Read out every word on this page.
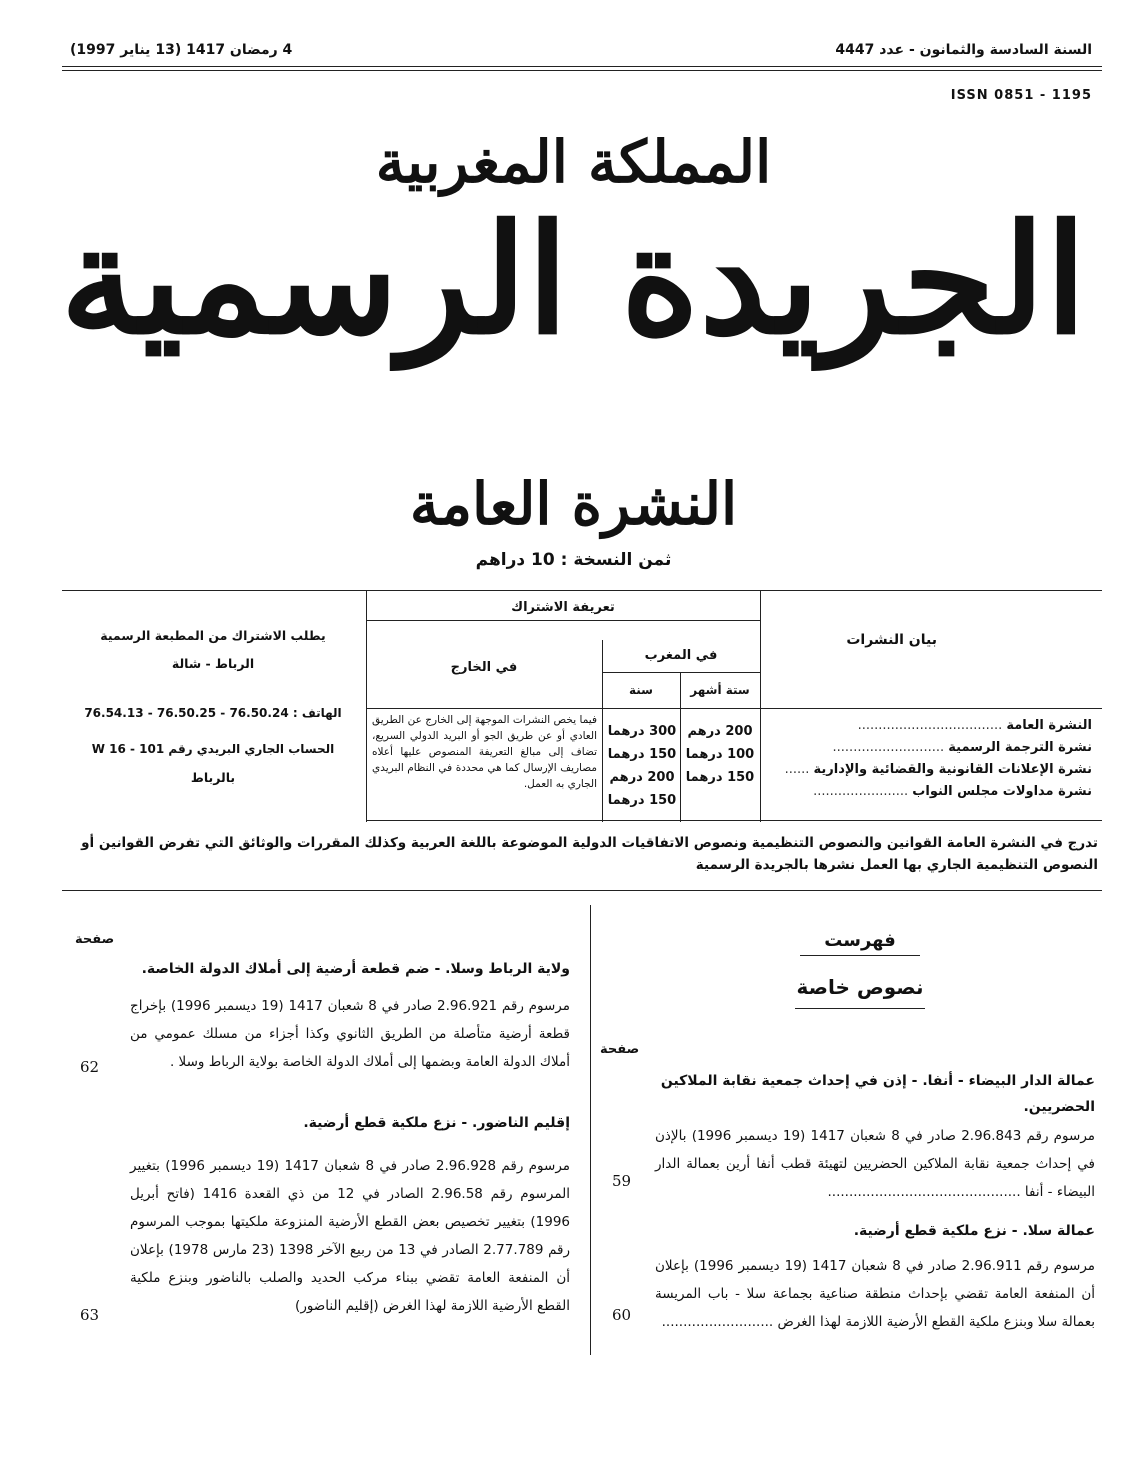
السنة السادسة والثمانون - عدد 4447
4 رمضان 1417 (13 يناير 1997)
ISSN 0851 - 1195
المملكة المغربية
الجريدة الرسمية
النشرة العامة
ثمن النسخة : 10 دراهم
تعريفة الاشتراك
في المغرب
في الخارج
ستة أشهر
سنة
200 درهم
100 درهما
150 درهما
300 درهما
150 درهما
200 درهم
150 درهما
فيما يخص النشرات الموجهة إلى الخارج عن الطريق العادي أو عن طريق الجو أو البريد الدولي السريع، تضاف إلى مبالغ التعريفة المنصوص عليها أعلاه مصاريف الإرسال كما هي محددة في النظام البريدي الجاري به العمل.
بيان النشرات
النشرة العامة ...................................
نشرة الترجمة الرسمية ...........................
نشرة الإعلانات القانونية والقضائية والإدارية ......
نشرة مداولات مجلس النواب .......................
يطلب الاشتراك من المطبعة الرسمية
الرباط - شالة
الهاتف : 76.50.24 - 76.50.25 - 76.54.13
الحساب الجاري البريدي رقم W 16 - 101
بالرباط
تدرج في النشرة العامة القوانين والنصوص التنظيمية ونصوص الاتفاقيات الدولية الموضوعة باللغة العربية وكذلك المقررات والوثائق التي تفرض القوانين أو النصوص التنظيمية الجاري بها العمل نشرها بالجريدة الرسمية
فهرست
نصوص خاصة
صفحة
صفحة
عمالة الدار البيضاء - أنفا. - إذن في إحداث جمعية نقابة الملاكين الحضريين.
مرسوم رقم 2.96.843 صادر في 8 شعبان 1417 (19 ديسمبر 1996) بالإذن في إحداث جمعية نقابة الملاكين الحضريين لتهيئة قطب أنفا أرين بعمالة الدار البيضاء - أنفا .............................................
59
عمالة سلا. - نزع ملكية قطع أرضية.
مرسوم رقم 2.96.911 صادر في 8 شعبان 1417 (19 ديسمبر 1996) بإعلان أن المنفعة العامة تقضي بإحداث منطقة صناعية بجماعة سلا - باب المريسة بعمالة سلا وبنزع ملكية القطع الأرضية اللازمة لهذا الغرض ..........................
60
ولاية الرباط وسلا. - ضم قطعة أرضية إلى أملاك الدولة الخاصة.
مرسوم رقم 2.96.921 صادر في 8 شعبان 1417 (19 ديسمبر 1996) بإخراج قطعة أرضية متأصلة من الطريق الثانوي وكذا أجزاء من مسلك عمومي من أملاك الدولة العامة وبضمها إلى أملاك الدولة الخاصة بولاية الرباط وسلا .
62
إقليم الناضور. - نزع ملكية قطع أرضية.
مرسوم رقم 2.96.928 صادر في 8 شعبان 1417 (19 ديسمبر 1996) بتغيير المرسوم رقم 2.96.58 الصادر في 12 من ذي القعدة 1416 (فاتح أبريل 1996) بتغيير تخصيص بعض القطع الأرضية المنزوعة ملكيتها بموجب المرسوم رقم 2.77.789 الصادر في 13 من ربيع الآخر 1398 (23 مارس 1978) بإعلان أن المنفعة العامة تقضي ببناء مركب الحديد والصلب بالناضور وبنزع ملكية القطع الأرضية اللازمة لهذا الغرض (إقليم الناضور)
63
